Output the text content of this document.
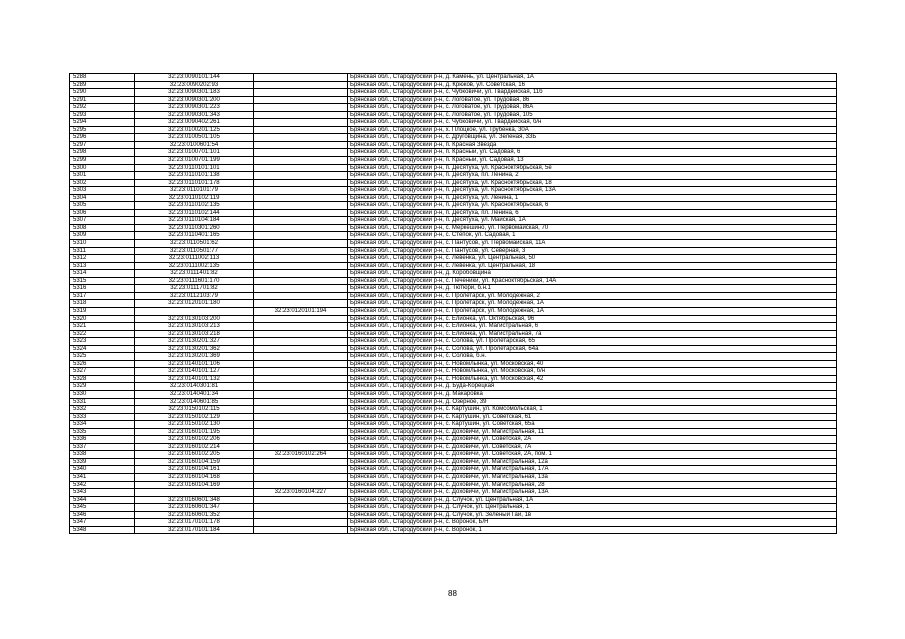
5288	32:23:0090101:144		Брянская обл., Стародубский р-н, д. Камень, ул. Центральная, 1А
5289	32:23:0090202:93		Брянская обл., Стародубский р-н, д. Крюков, ул. Советская, 16
5290	32:23:0090301:183		Брянская обл., Стародубский р-н, с. Чубковичи, ул. Гвардейская, 11б
5291	32:23:0090301:200		Брянская обл., Стародубский р-н, с. Логоватое, ул. Трудовая, 86
5292	32:23:0090301:223		Брянская обл., Стародубский р-н, с. Логоватое, ул. Трудовая, 86А
5293	32:23:0090301:343		Брянская обл., Стародубский р-н, с. Логоватое, ул. Трудовая, 105
5294	32:23:0090402:261		Брянская обл., Стародубский р-н, с. Чубковичи, ул. Гвардейская, б/н
5295	32:23:0100201:125		Брянская обл., Стародубский р-н, х. Плоцкое, ул. Трубенка, 30А
5296	32:23:0100501:105		Брянская обл., Стародубский р-н, с. Друговщина, ул. Зеленая, 33Б
5297	32:23:0100601:54		Брянская обл., Стародубский р-н, п. Красная Звезда
5298	32:23:0100701:101		Брянская обл., Стародубский р-н, п. Красный, ул. Садовая, 6
5299	32:23:0100701:199		Брянская обл., Стародубский р-н, п. Красный, ул. Садовая, 13
5300	32:23:0110101:101		Брянская обл., Стародубский р-н, п. Десятуха, ул. Красноктябрьская, 5е
5301	32:23:0110101:138		Брянская обл., Стародубский р-н, п. Десятуха, пл. Ленина, 2
5302	32:23:0110101:178		Брянская обл., Стародубский р-н, п. Десятуха, ул. Красноктябрьская, 18
5303	32:23:0110101:79		Брянская обл., Стародубский р-н, п. Десятуха, ул. Красноктябрьская, 13А
5304	32:23:0110102:119		Брянская обл., Стародубский р-н, п. Десятуха, ул. Ленина, 1
5305	32:23:0110102:135		Брянская обл., Стародубский р-н, п. Десятуха, ул. Красноктябрьская, 6
5306	32:23:0110102:144		Брянская обл., Стародубский р-н, п. Десятуха, пл. Ленина, 6
5307	32:23:0110104:184		Брянская обл., Стародубский р-н, п. Десятуха, ул. Майская, 1А
5308	32:23:0110301:260		Брянская обл., Стародубский р-н, с. Меркешино, ул. Первомайская, 70
5309	32:23:0110401:165		Брянская обл., Стародубский р-н, с. Степок, ул. Садовая, 1
5310	32:23:0110501:62		Брянская обл., Стародубский р-н, с. Пантусов, ул. Первомайская, 11А
5311	32:23:0110501:77		Брянская обл., Стародубский р-н, с. Пантусов, ул. Северная, 3
5312	32:23:0111002:113		Брянская обл., Стародубский р-н, с. Левенка, ул. Центральная, 50
5313	32:23:0111002:135		Брянская обл., Стародубский р-н, с. Левенка, ул. Центральная, 18
5314	32:23:0111401:82		Брянская обл., Стародубский р-н, д. Коробовщина
5315	32:23:0111601:170		Брянская обл., Стародубский р-н, с. Печеники, ул. Красноктябрьская, 14А
5316	32:23:0111701:82		Брянская обл., Стародубский р-н, д. Тютюри, б.н.1
5317	32:23:0112103:79		Брянская обл., Стародубский р-н, с. Пролетарск, ул. Молодежная, 2
5318	32:23:0120101:180		Брянская обл., Стародубский р-н, с. Пролетарск, ул. Молодежная, 1А
5319		32:23:0120101:194	Брянская обл., Стародубский р-н, с. Пролетарск, ул. Молодежная, 1А
5320	32:23:0130103:200		Брянская обл., Стародубский р-н, с. Елионка, ул. Октябрьская, 96
5321	32:23:0130103:213		Брянская обл., Стародубский р-н, с. Елионка, ул. Магистральная, 6
5322	32:23:0130103:218		Брянская обл., Стародубский р-н, с. Елионка, ул. Магистральная, 7а
5323	32:23:0130201:327		Брянская обл., Стародубский р-н, с. Солова, ул. Пролетарская, 65
5324	32:23:0130201:362		Брянская обл., Стародубский р-н, с. Солова, ул. Пролетарская, 64а
5325	32:23:0130201:369		Брянская обл., Стародубский р-н, с. Солова, б.н.
5326	32:23:0140101:106		Брянская обл., Стародубский р-н, с. Новомлынка, ул. Московская, 40
5327	32:23:0140101:127		Брянская обл., Стародубский р-н, с. Новомлынка, ул. Московская, б/н
5328	32:23:0140101:132		Брянская обл., Стародубский р-н, с. Новомлынка, ул. Московская, 42
5329	32:23:0140301:81		Брянская обл., Стародубский р-н, д. Буда-Корецкая
5330	32:23:0140401:34		Брянская обл., Стародубский р-н, д. Макаровка
5331	32:23:0140601:85		Брянская обл., Стародубский р-н, д. Озерное, 39
5332	32:23:0150102:115		Брянская обл., Стародубский р-н, с. Картушин, ул. Комсомольская, 1
5333	32:23:0150102:129		Брянская обл., Стародубский р-н, с. Картушин, ул. Советская, 61
5334	32:23:0150102:130		Брянская обл., Стародубский р-н, с. Картушин, ул. Советская, 65а
5335	32:23:0160101:195		Брянская обл., Стародубский р-н, с. Доховичи, ул. Магистральная, 11
5336	32:23:0160102:206		Брянская обл., Стародубский р-н, с. Доховичи, ул. Советская, 2А
5337	32:23:0160102:214		Брянская обл., Стародубский р-н, с. Доховичи, ул. Советская, 7А
5338	32:23:0160102:205	32:23:0160102:264	Брянская обл., Стародубский р-н, с. Доховичи, ул. Советская, 2А, пом. 1
5339	32:23:0160104:159		Брянская обл., Стародубский р-н, с. Доховичи, ул. Магистральная, 12а
5340	32:23:0160104:161		Брянская обл., Стародубский р-н, с. Доховичи, ул. Магистральная, 17А
5341	32:23:0160104:168		Брянская обл., Стародубский р-н, с. Доховичи, ул. Магистральная, 13а
5342	32:23:0160104:169		Брянская обл., Стародубский р-н, с. Доховичи, ул. Магистральная, 28
5343		32:23:0160104:227	Брянская обл., Стародубский р-н, с. Доховичи, ул. Магистральная, 13А
5344	32:23:0160601:348		Брянская обл., Стародубский р-н, д. Случок, ул. Центральная, 1А
5345	32:23:0160601:347		Брянская обл., Стародубский р-н, д. Случок, ул. Центральная, 1
5346	32:23:0160601:352		Брянская обл., Стародубский р-н, д. Случок, ул. Зеленый Гай, 1в
5347	32:23:0170101:178		Брянская обл., Стародубский р-н, с. Воронок, Б/Н
5348	32:23:0170101:184		Брянская обл., Стародубский р-н, с. Воронок, 1
88
